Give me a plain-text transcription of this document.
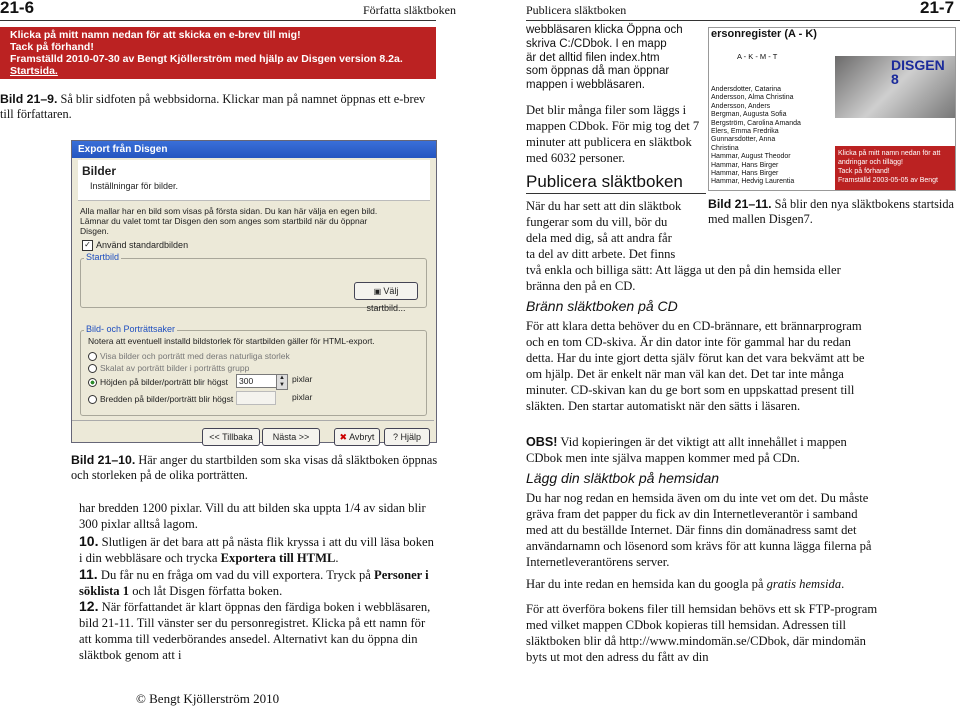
21-6	Författa släktboken
Klicka på mitt namn nedan för att skicka en e-brev till mig!
Tack på förhand!
Framställd 2010-07-30 av Bengt Kjöllerström med hjälp av Disgen version 8.2a.
Startsida.
Bild 21–9. Så blir sidfoten på webbsidorna. Klickar man på namnet öppnas ett e-brev till författaren.
Export från Disgen
Bilder
Inställningar för bilder.
Alla mallar har en bild som visas på första sidan. Du kan här välja en egen bild. Lämnar du valet tomt tar Disgen den som anges som startbild när du öppnar Disgen.
✓ Använd standardbilden
Startbild
▣ Välj startbild...
Bild- och Porträttsaker
Notera att eventuell installd bildstorlek för startbilden gäller för HTML-export.
Visa bilder och porträtt med deras naturliga storlek
Skalat av porträtt bilder i porträtts grupp
Höjden på bilder/porträtt blir högst
Bredden på bilder/porträtt blir högst
300	▲
▼
pixlar
pixlar
<< Tillbaka	Nästa >>	✖ Avbryt	? Hjälp
Bild 21–10. Här anger du startbilden som ska visas då släktboken öppnas och storleken på de olika porträtten.
har bredden 1200 pixlar. Vill du att bilden ska uppta 1/4 av sidan blir 300 pixlar alltså lagom.
10. Slutligen är det bara att på nästa flik kryssa i att du vill läsa boken i din webbläsare och trycka Exportera till HTML.
11. Du får nu en fråga om vad du vill exportera. Tryck på Personer i söklista 1 och låt Disgen författa boken.
12. När författandet är klart öppnas den färdiga boken i webbläsaren, bild 21-11. Till vänster ser du personregistret. Klicka på ett namn för att komma till vederbörandes ansedel. Alternativt kan du öppna din släktbok genom att i
© Bengt Kjöllerström 2010
Publicera släktboken	21-7
webbläsaren klicka Öppna och
skriva C:/CDbok. I en mapp
är det alltid filen index.htm
som öppnas då man öppnar
mappen i webbläsaren.
Det blir många filer som läggs i mappen CDbok. För mig tog det 7 minuter att publicera en släktbok med 6032 personer.
ersonregister (A - K)
A - K - M - T
Andersdotter, Catarina
Andersson, Alma Christina
Andersson, Anders
Bergman, Augusta Sofia
Bergström, Carolina Amanda
Elers, Emma Fredrika
Gunnarsdotter, Anna
Christina
Hammar, August Theodor
Hammar, Hans Birger
Hammar, Hans Birger
Hammar, Hedvig Laurentia
DISGEN 8
Klicka på mitt namn nedan för att
andringar och tillägg!
Tack på förhand!
Framställd 2003-05-05 av Bengt
Publicera släktboken
Bild 21–11. Så blir den nya släktbokens startsida med mallen Disgen7.
När du har sett att din släktbok
fungerar som du vill, bör du
dela med dig, så att andra får
ta del av ditt arbete. Det finns
två enkla och billiga sätt: Att lägga ut den på din hemsida eller bränna den på en CD.
Bränn släktboken på CD
För att klara detta behöver du en CD-brännare, ett brännarprogram och en tom CD-skiva. Är din dator inte för gammal har du redan detta. Har du inte gjort detta själv förut kan det vara bekvämt att be om hjälp. Det är enkelt när man väl kan det. Det tar inte många minuter. CD-skivan kan du ge bort som en uppskattad present till släkten. Den startar automatiskt när den sätts i läsaren.
OBS! Vid kopieringen är det viktigt att allt innehållet i mappen CDbok men inte själva mappen kommer med på CDn.
Lägg din släktbok på hemsidan
Du har nog redan en hemsida även om du inte vet om det. Du måste gräva fram det papper du fick av din Internetleverantör i samband med att du beställde Internet. Där finns din domänadress samt det användarnamn och lösenord som krävs för att kunna lägga filerna på Internetleverantörens server.
Har du inte redan en hemsida kan du googla på gratis hemsida.
För att överföra bokens filer till hemsidan behövs ett sk FTP-program med vilket mappen CDbok kopieras till hemsidan. Adressen till släktboken blir då http://www.mindomän.se/CDbok, där mindomän byts ut mot den adress du fått av din
